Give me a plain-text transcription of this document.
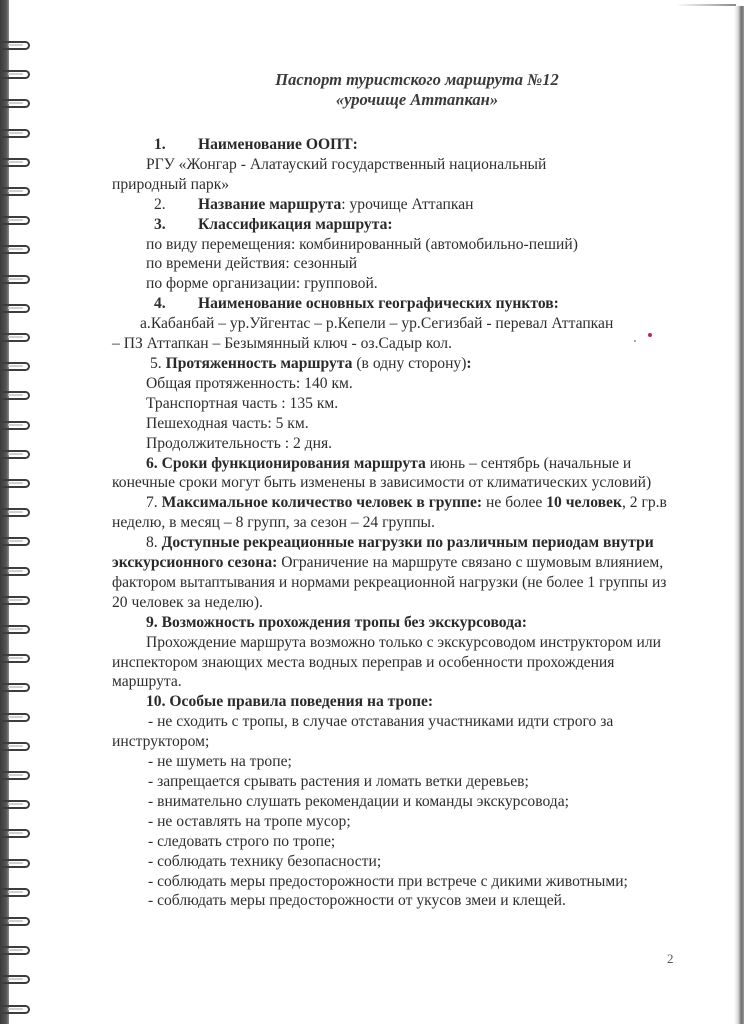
Паспорт туристского маршрута №12
«урочище Аттапкан»

1. Наименование ООПТ:

РГУ «Жонгар - Алатауский государственный национальный

природный парк»

2. Название маршрута: урочище Аттапкан

3. Классификация маршрута:

по виду перемещения: комбинированный (автомобильно-пеший)

по времени действия: сезонный

по форме организации: групповой.

4. Наименование основных географических пунктов:

а.Кабанбай – ур.Уйгентас – р.Кепели – ур.Сегизбай - перевал Аттапкан

– ПЗ Аттапкан – Безымянный ключ - оз.Садыр кол.

5. Протяженность маршрута (в одну сторону):

Общая протяженность: 140 км.

Транспортная часть : 135 км.

Пешеходная часть: 5 км.

Продолжительность : 2 дня.

6. Сроки функционирования маршрута июнь – сентябрь (начальные и конечные сроки могут быть изменены в зависимости от климатических условий)

7. Максимальное количество человек в группе: не более 10 человек, 2 гр.в неделю, в месяц – 8 групп, за сезон – 24 группы.

8. Доступные рекреационные нагрузки по различным периодам внутри экскурсионного сезона: Ограничение на маршруте связано с шумовым влиянием, фактором вытаптывания и нормами рекреационной нагрузки (не более 1 группы из 20 человек за неделю).

9. Возможность прохождения тропы без экскурсовода:

Прохождение маршрута возможно только с экскурсоводом инструктором или инспектором знающих места водных переправ и особенности прохождения маршрута.

10. Особые правила поведения на тропе:

- не сходить с тропы, в случае отставания участниками идти строго за инструктором;

- не шуметь на тропе;

- запрещается срывать растения и ломать ветки деревьев;

- внимательно слушать рекомендации и команды экскурсовода;

- не оставлять на тропе мусор;

- следовать строго по тропе;

- соблюдать технику безопасности;

- соблюдать меры предосторожности при встрече с дикими животными;

- соблюдать меры предосторожности от укусов змеи и клещей.

2
